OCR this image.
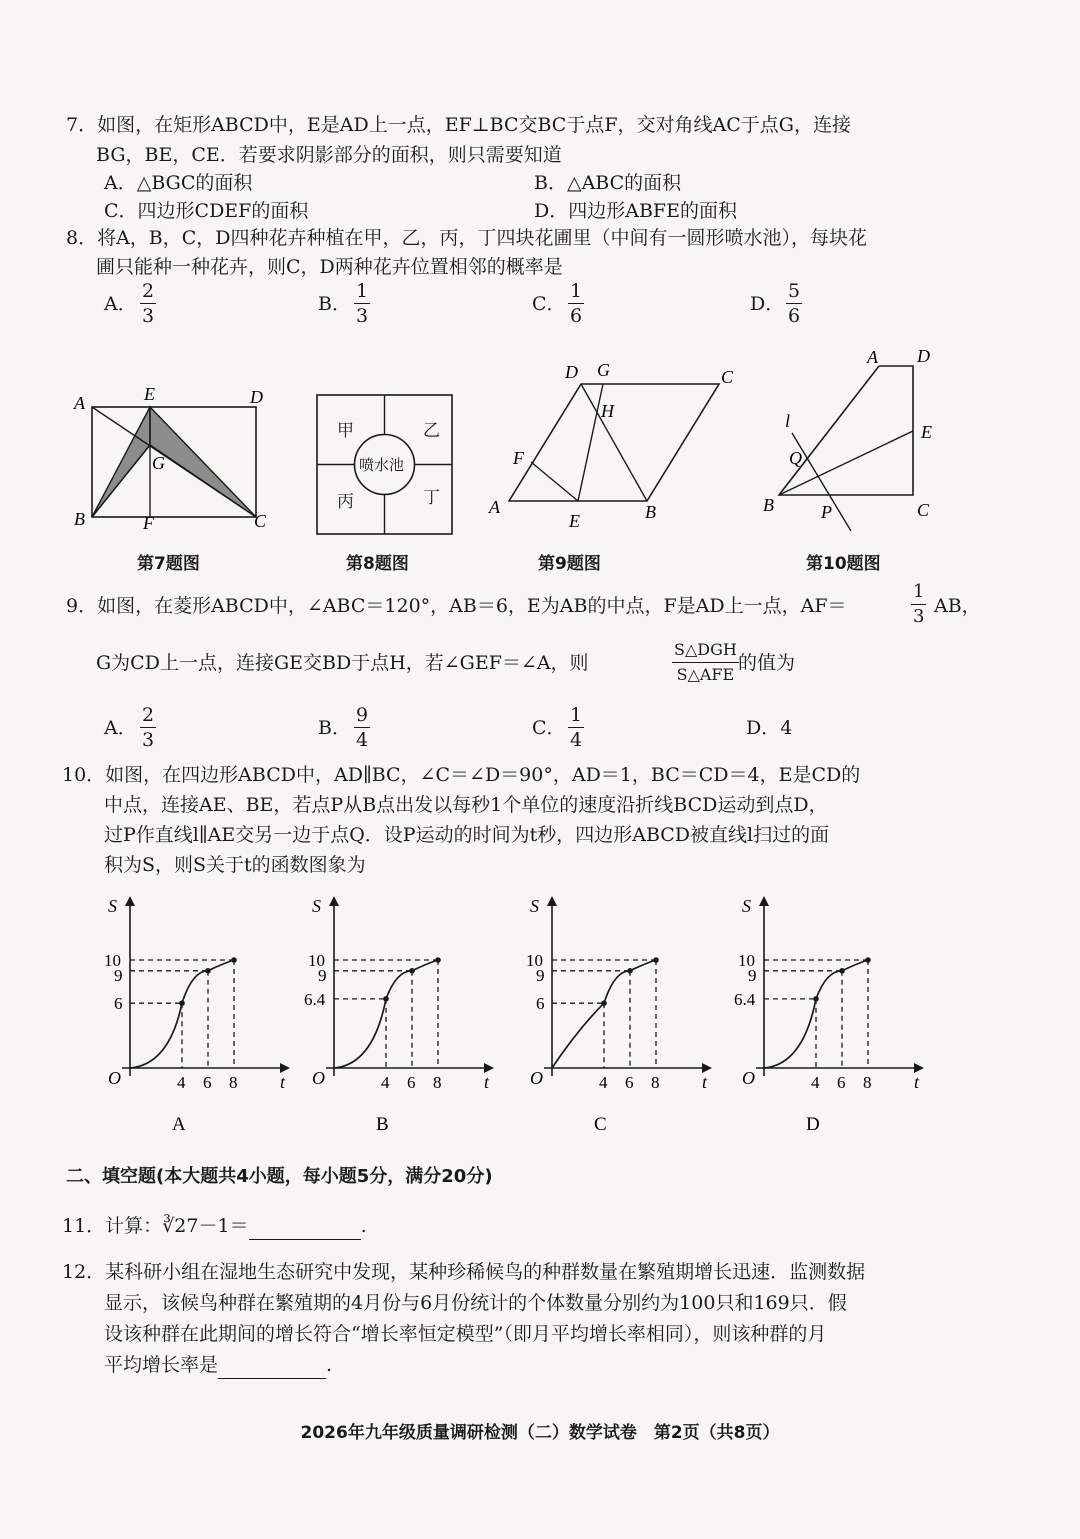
7．如图，在矩形ABCD中，E是AD上一点，EF⊥BC交BC于点F，交对角线AC于点G，连接
BG，BE，CE．若要求阴影部分的面积，则只需要知道
A．△BGC的面积	B．△ABC的面积
C．四边形CDEF的面积	D．四边形ABFE的面积
8．将A，B，C，D四种花卉种植在甲，乙，丙，丁四块花圃里（中间有一圆形喷水池），每块花
圃只能种一种花卉，则C，D两种花卉位置相邻的概率是
A． $\frac{2}{3}$	B． $\frac{1}{3}$	C． $\frac{1}{6}$	D． $\frac{5}{6}$
A	E	D
G
B	F	C
第7题图
甲	乙
丙	丁
喷水池
第8题图
D G	C
H
F
A
E	B
第9题图
A D
l
E
Q
B	P	C
第10题图
9．如图，在菱形ABCD中，∠ABC＝120°，AB＝6，E为AB的中点，F是AD上一点，AF＝	$\frac{1}{3}$ AB，
G为CD上一点，连接GE交BD于点H，若∠GEF＝∠A，则
S△DGH
S△AFE
的值为
A． $\frac{2}{3}$	B． $\frac{9}{4}$	C． $\frac{1}{4}$	D．4
10．如图，在四边形ABCD中，AD∥BC，∠C＝∠D＝90°，AD＝1，BC＝CD＝4，E是CD的
中点，连接AE、BE，若点P从B点出发以每秒1个单位的速度沿折线BCD运动到点D，
过P作直线l∥AE交另一边于点Q．设P运动的时间为t秒，四边形ABCD被直线l扫过的面
积为S，则S关于t的函数图象为
S
t
O	4 6 8
10
9
6
A
S
t
O	4 6 8
10
9
6.4
B
S
t
O	4 6 8
10
9
6
C
S
t
O	4 6 8
10
9
6.4
D
二、填空题(本大题共4小题，每小题5分，满分20分)
11．计算：∛27－1＝	.
12．某科研小组在湿地生态研究中发现，某种珍稀候鸟的种群数量在繁殖期增长迅速．监测数据
显示，该候鸟种群在繁殖期的4月份与6月份统计的个体数量分别约为100只和169只．假
设该种群在此期间的增长符合“增长率恒定模型”（即月平均增长率相同），则该种群的月
平均增长率是	.
2026年九年级质量调研检测（二）数学试卷　第2页（共8页）
